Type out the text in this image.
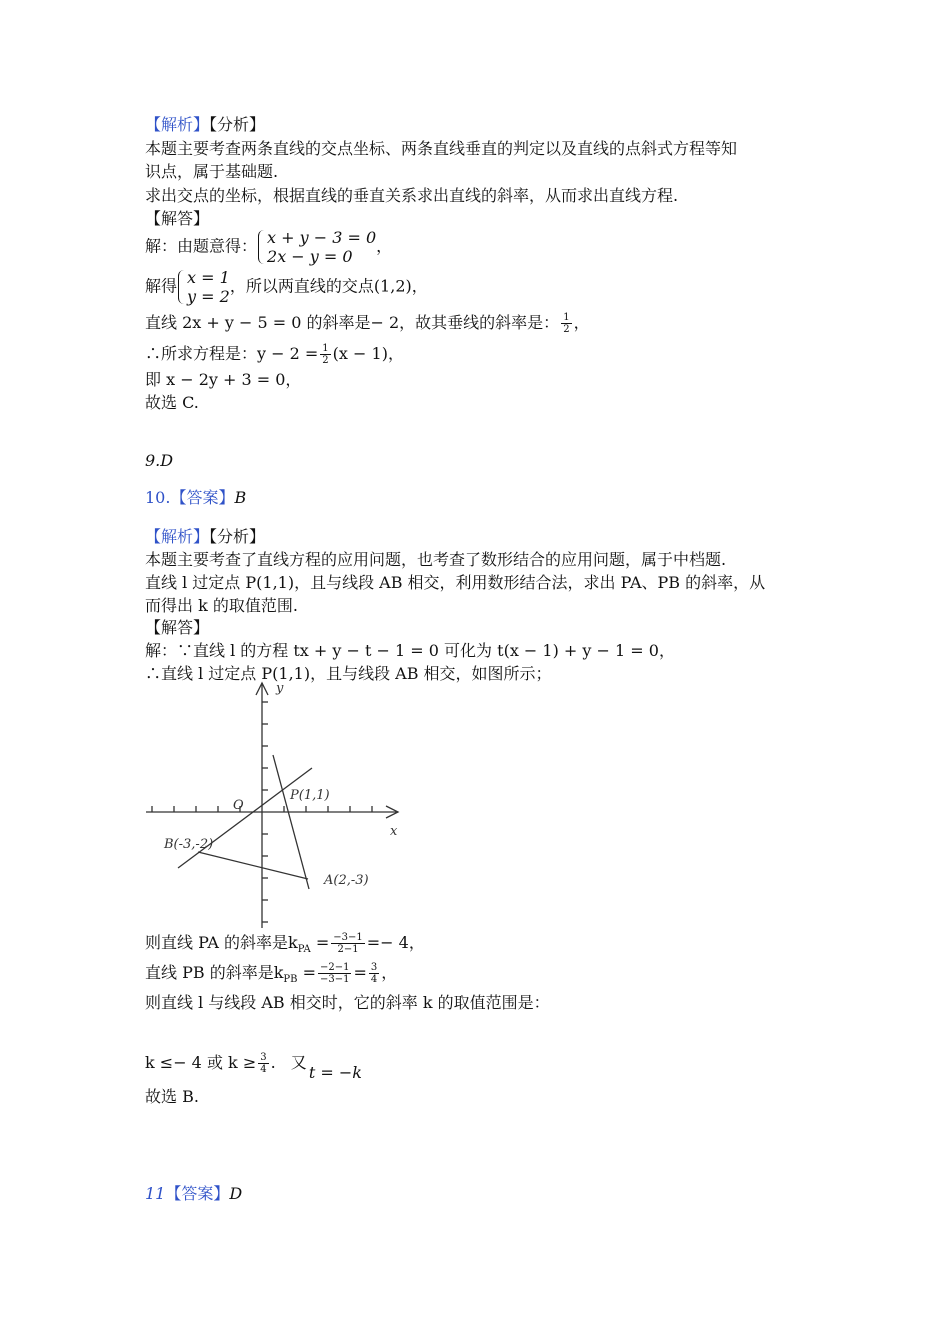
【解析】【分析】
本题主要考查两条直线的交点坐标、两条直线垂直的判定以及直线的点斜式方程等知
识点，属于基础题.
求出交点的坐标，根据直线的垂直关系求出直线的斜率，从而求出直线方程.
【解答】
解：由题意得： x + y − 3 = 0
2x − y = 0
，
解得 x = 1
y = 2
，所以两直线的交点(1,2)，
直线 2x + y − 5 = 0 的斜率是− 2，故其垂线的斜率是： $\frac{1}{2}$ ，
∴所求方程是：$y - 2 = \frac{1}{2} (x - 1)$，
即 x − 2y + 3 = 0，
故选 C.
9.D
10.【答案】B
【解析】【分析】
本题主要考查了直线方程的应用问题，也考查了数形结合的应用问题，属于中档题.
直线 l 过定点 P(1,1)，且与线段 AB 相交，利用数形结合法，求出 PA、PB 的斜率，从
而得出 k 的取值范围.
【解答】
解：∵直线 l 的方程 tx + y − t − 1 = 0 可化为 t(x − 1) + y − 1 = 0，
∴直线 l 过定点 P(1,1)，且与线段 AB 相交，如图所示；
y
x
O
P(1,1)
B(-3,-2)
A(2,-3)
则直线 PA 的斜率是$k_{PA} = \frac{-3-1}{2-1} =- 4$，
直线 PB 的斜率是$k_{PB} = \frac{-2-1}{-3-1} = \frac{3}{4}$ ，
则直线 l 与线段 AB 相交时，它的斜率 k 的取值范围是：
k ≤− 4 或 $k \ge \frac{3}{4}$ . 又t = −k
故选 B.
11【答案】D
